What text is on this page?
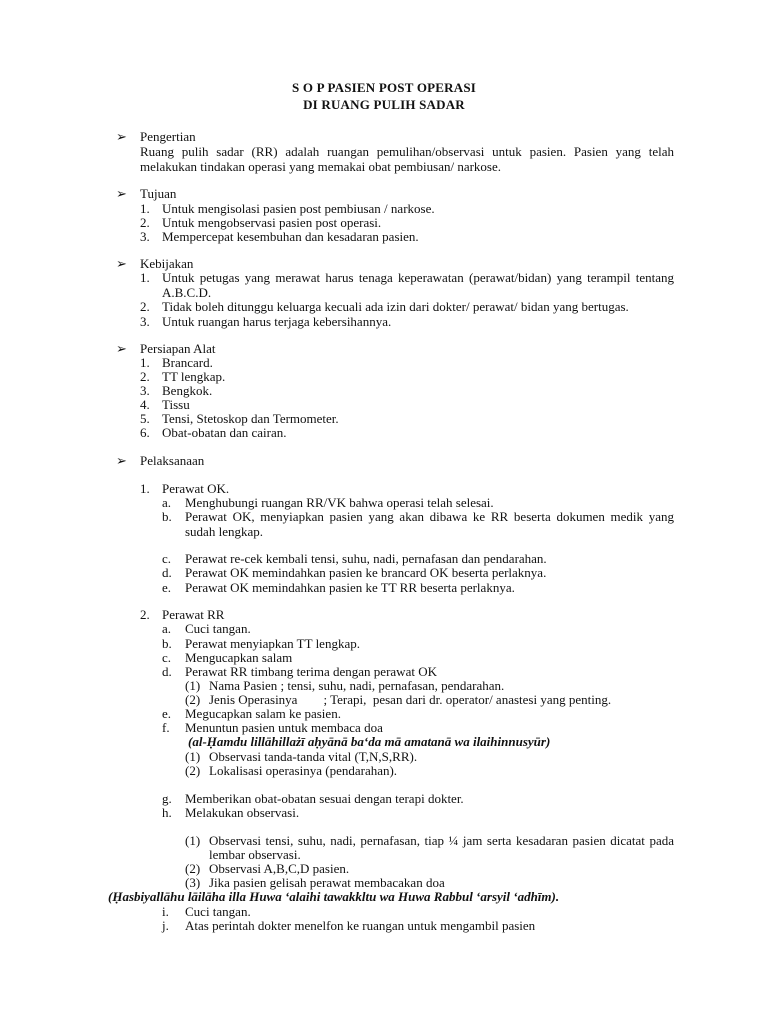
S O P PASIEN POST OPERASI
DI RUANG PULIH SADAR
➢ Pengertian
Ruang pulih sadar (RR) adalah ruangan pemulihan/observasi untuk pasien. Pasien yang telah
melakukan tindakan operasi yang memakai obat pembiusan/ narkose.
➢ Tujuan
1. Untuk mengisolasi pasien post pembiusan / narkose.
2. Untuk mengobservasi pasien post operasi.
3. Mempercepat kesembuhan dan kesadaran pasien.
➢ Kebijakan
1. Untuk petugas yang merawat harus tenaga keperawatan (perawat/bidan) yang terampil tentang
A.B.C.D.
2. Tidak boleh ditunggu keluarga kecuali ada izin dari dokter/ perawat/ bidan yang bertugas.
3. Untuk ruangan harus terjaga kebersihannya.
➢ Persiapan Alat
1. Brancard.
2. TT lengkap.
3. Bengkok.
4. Tissu
5. Tensi, Stetoskop dan Termometer.
6. Obat-obatan dan cairan.
➢ Pelaksanaan
1. Perawat OK.
a. Menghubungi ruangan RR/VK bahwa operasi telah selesai.
b. Perawat OK, menyiapkan pasien yang akan dibawa ke RR beserta dokumen medik yang
sudah lengkap.
c. Perawat re-cek kembali tensi, suhu, nadi, pernafasan dan pendarahan.
d. Perawat OK memindahkan pasien ke brancard OK beserta perlaknya.
e. Perawat OK memindahkan pasien ke TT RR beserta perlaknya.
2. Perawat RR
a. Cuci tangan.
b. Perawat menyiapkan TT lengkap.
c. Mengucapkan salam
d. Perawat RR timbang terima dengan perawat OK
(1) Nama Pasien ; tensi, suhu, nadi, pernafasan, pendarahan.
(2) Jenis Operasinya        ; Terapi,  pesan dari dr. operator/ anastesi yang penting.
e. Megucapkan salam ke pasien.
f. Menuntun pasien untuk membaca doa
(al-Ḥamdu lillāhillażī aḥyānā ba‘da mā amatanā wa ilaihinnusyūr)
(1) Observasi tanda-tanda vital (T,N,S,RR).
(2) Lokalisasi operasinya (pendarahan).
g. Memberikan obat-obatan sesuai dengan terapi dokter.
h. Melakukan observasi.
(1) Observasi tensi, suhu, nadi, pernafasan, tiap ¼ jam serta kesadaran pasien dicatat pada
lembar observasi.
(2) Observasi A,B,C,D pasien.
(3) Jika pasien gelisah perawat membacakan doa
(Ḥasbiyallāhu lāilāha illa Huwa ‘alaihi tawakkltu wa Huwa Rabbul ‘arsyil ‘adhīm).
i. Cuci tangan.
j. Atas perintah dokter menelfon ke ruangan untuk mengambil pasien
